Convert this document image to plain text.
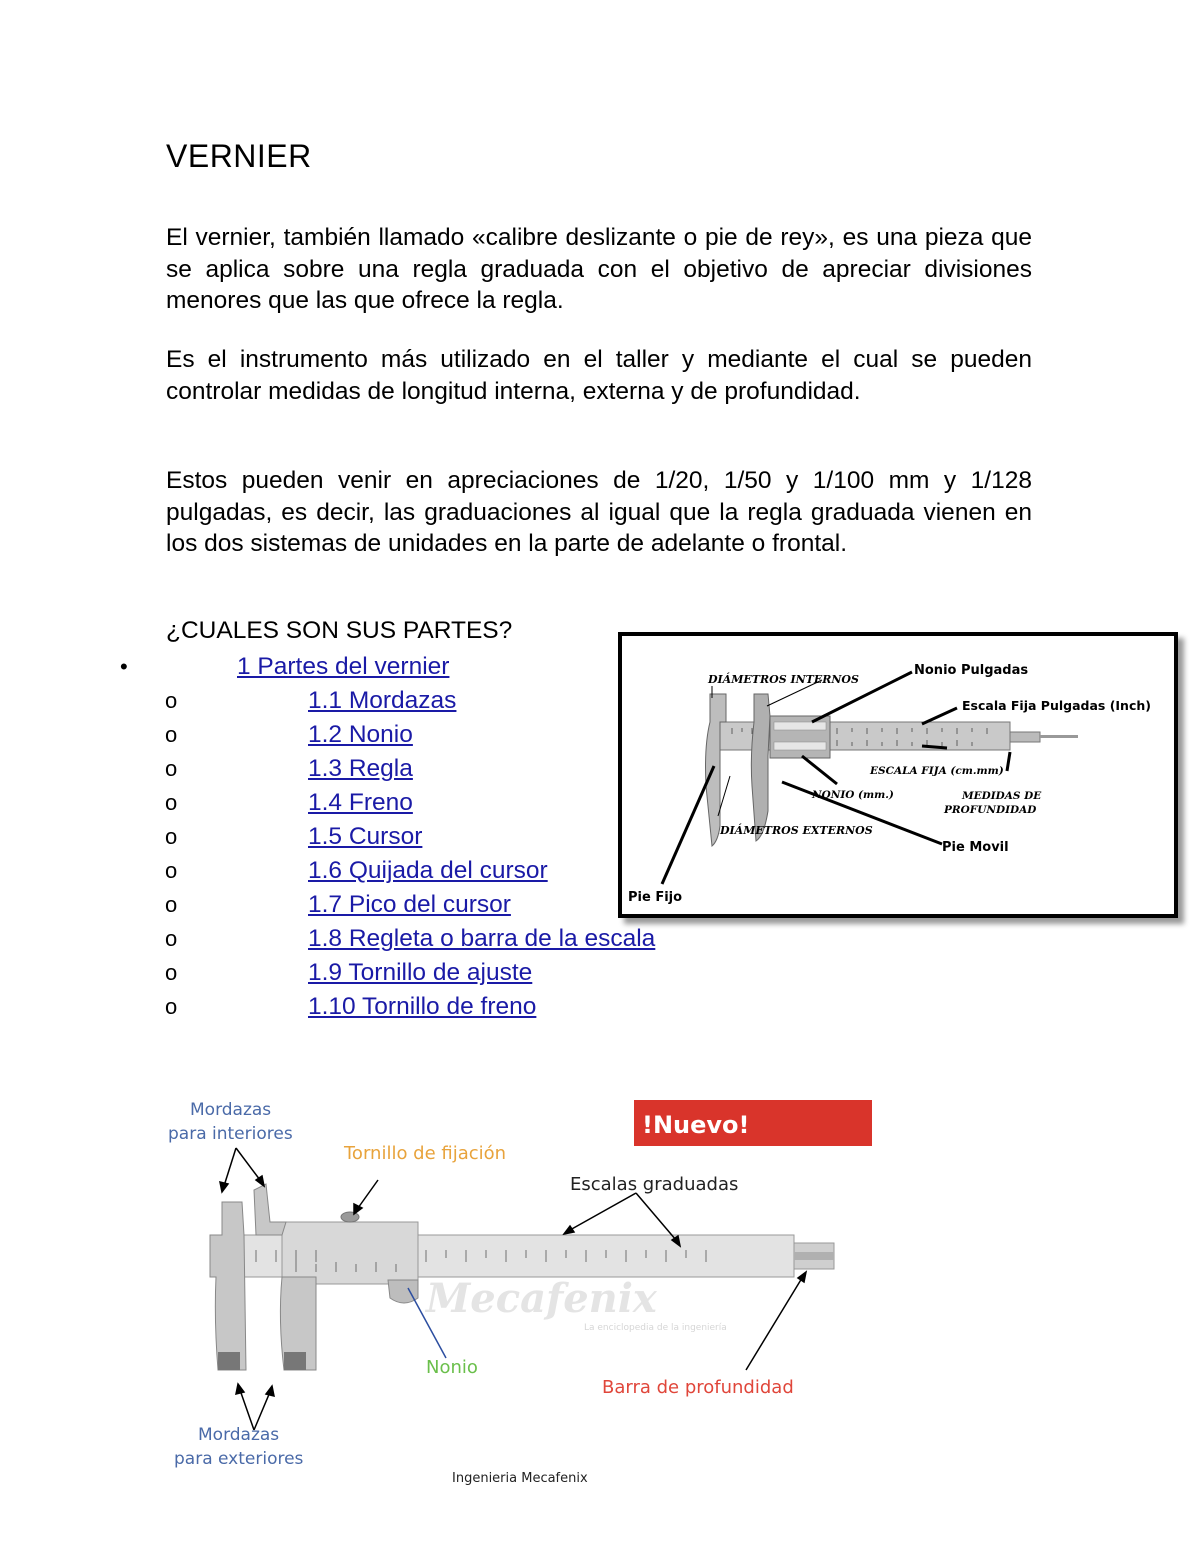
VERNIER

El vernier, también llamado «calibre deslizante o pie de rey», es una pieza que se aplica sobre una regla graduada con el objetivo de apreciar divisiones menores que las que ofrece la regla.

Es el instrumento más utilizado en el taller y mediante el cual se pueden controlar medidas de longitud interna, externa y de profundidad.

Estos pueden venir en apreciaciones de 1/20, 1/50 y 1/100 mm y 1/128 pulgadas, es decir, las graduaciones al igual que la regla graduada vienen en los dos sistemas de unidades en la parte de adelante o frontal.

¿CUALES SON SUS PARTES?
•	1 Partes del vernier
o	1.1 Mordazas
o	1.2 Nonio
o	1.3 Regla
o	1.4 Freno
o	1.5 Cursor
o	1.6 Quijada del cursor
o	1.7 Pico del cursor
o	1.8 Regleta o barra de la escala
o	1.9 Tornillo de ajuste
o	1.10 Tornillo de freno
DIÁMETROS INTERNOS
Nonio Pulgadas
Escala Fija Pulgadas (Inch)
ESCALA FIJA (cm.mm)
NONIO (mm.)	MEDIDAS DE
PROFUNDIDAD
DIÁMETROS EXTERNOS
Pie Movil
Pie Fijo
!Nuevo!
Mecafenix
La enciclopedia de la ingeniería
Mordazas
para interiores
Tornillo de fijación
Escalas graduadas
Nonio
Barra de profundidad
Mordazas
para exteriores
Ingenieria Mecafenix
